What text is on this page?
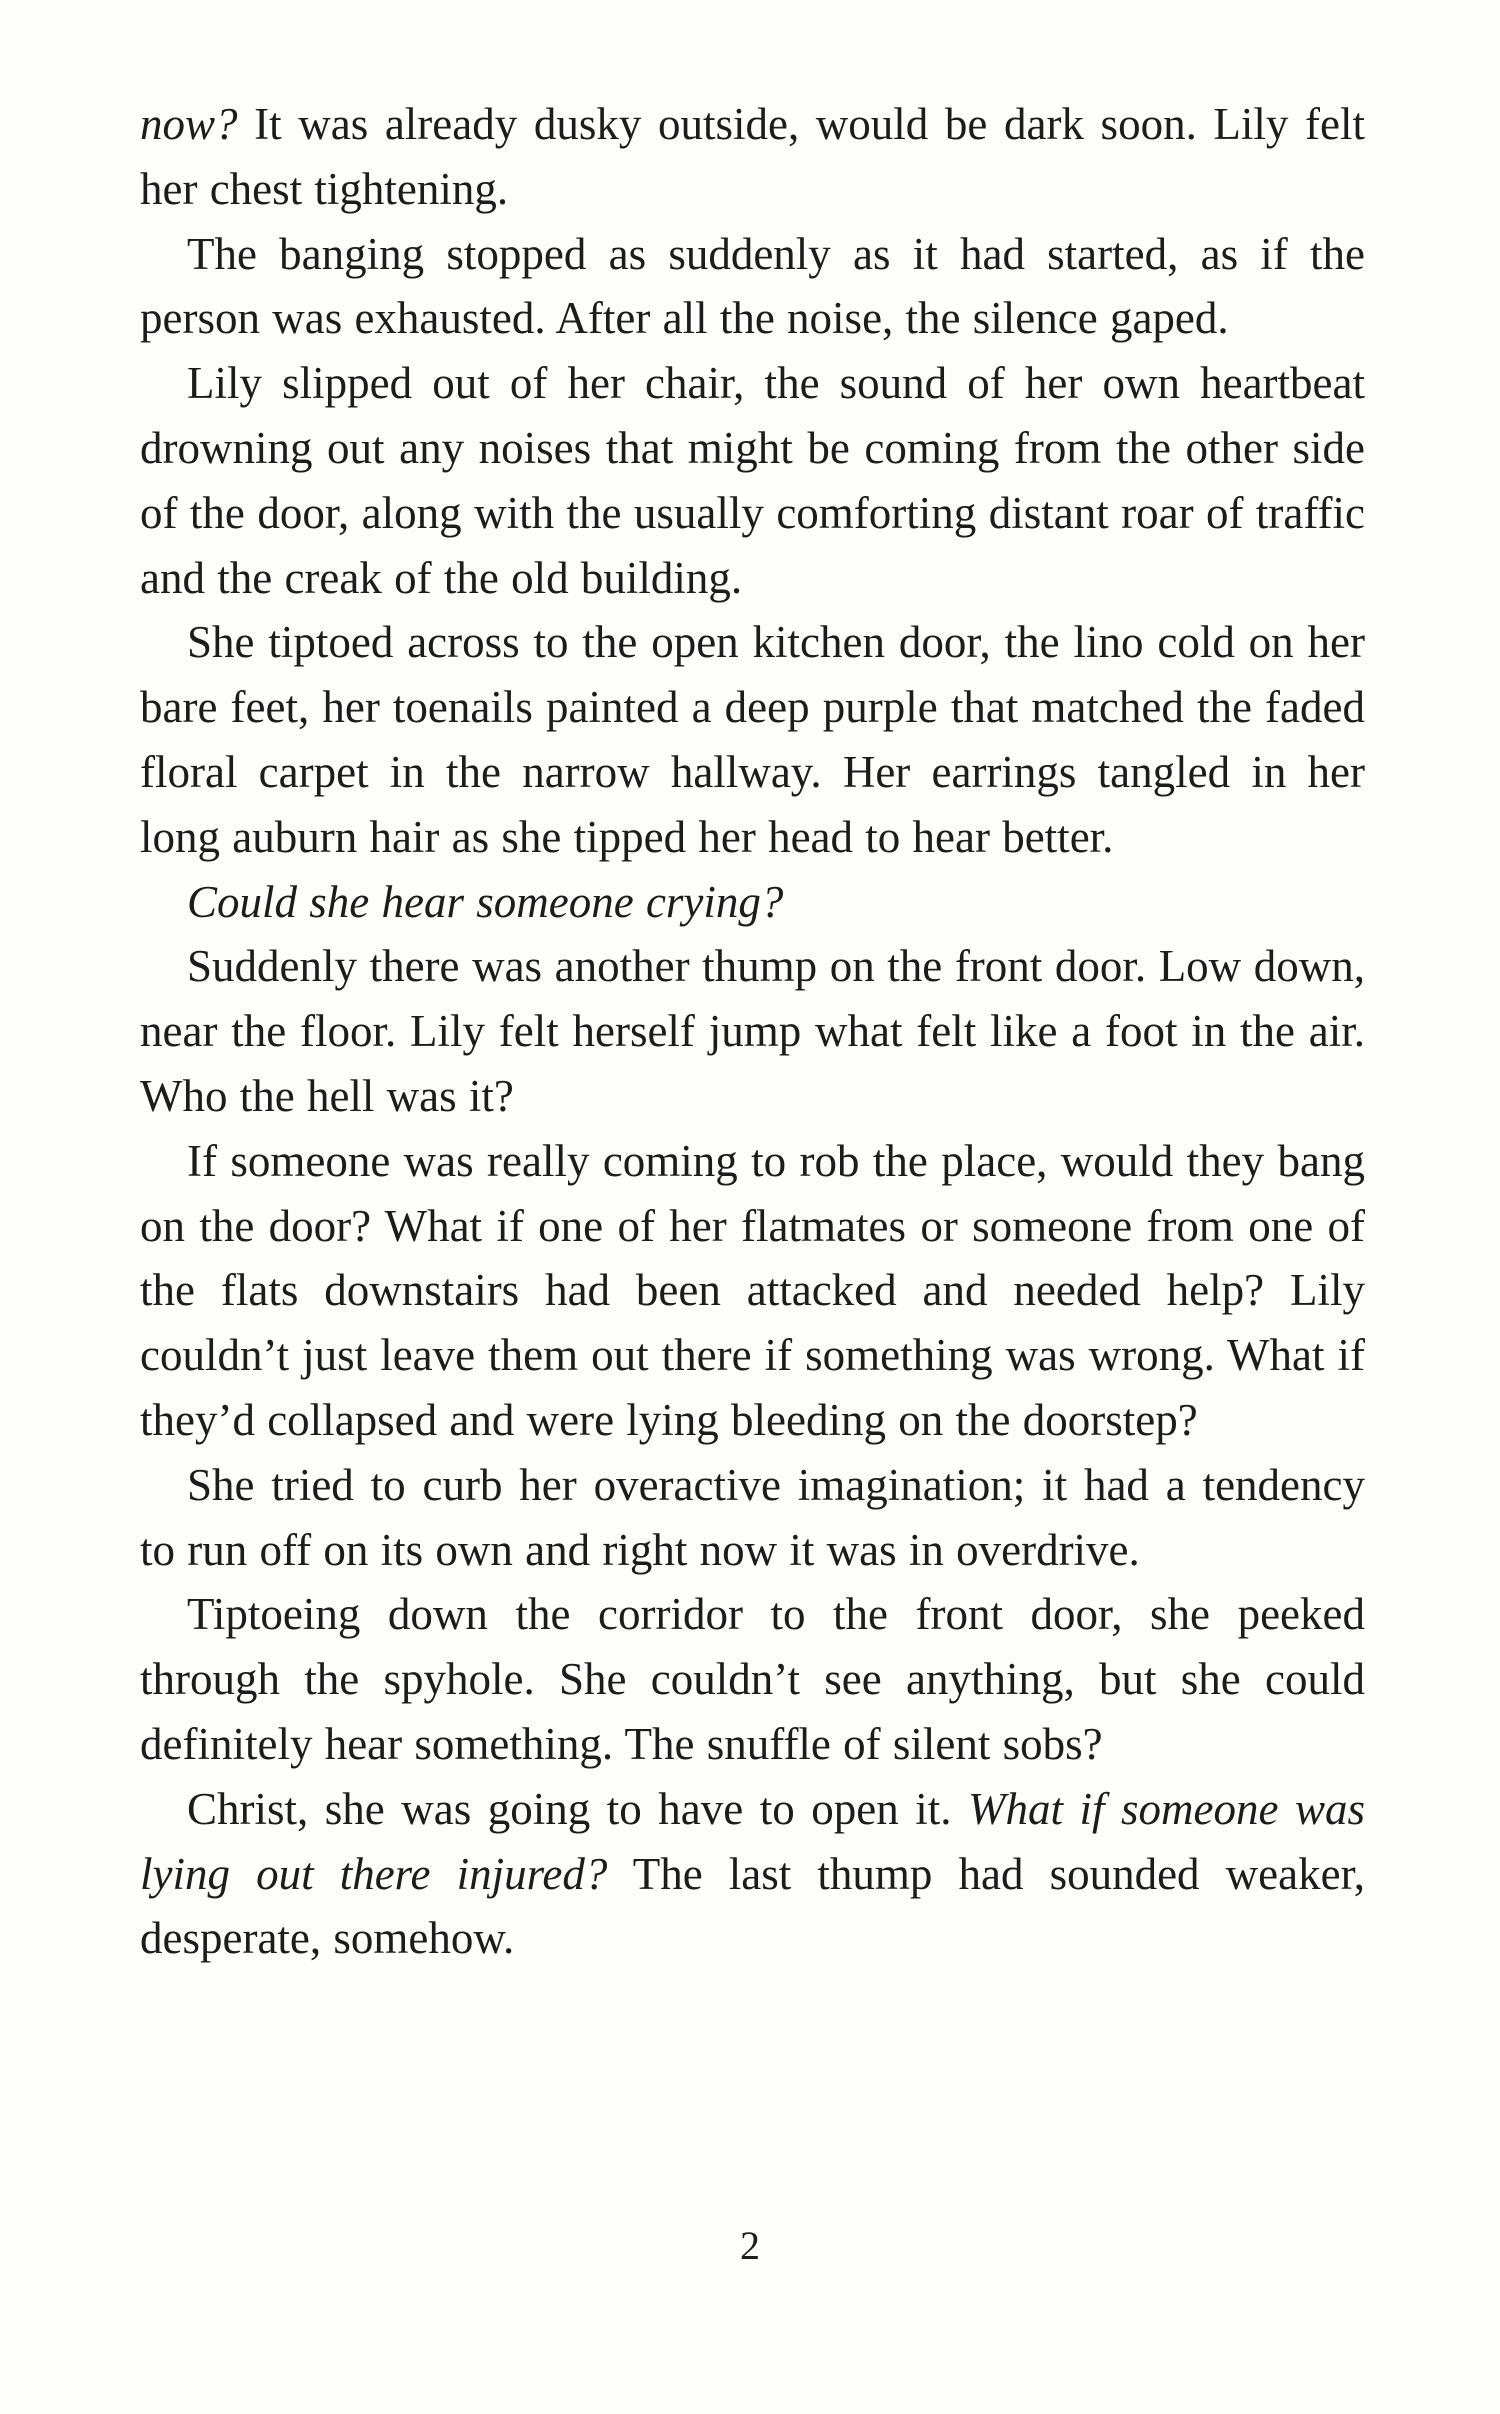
now? It was already dusky outside, would be dark soon. Lily felt her chest tightening.

The banging stopped as suddenly as it had started, as if the person was exhausted. After all the noise, the silence gaped.

Lily slipped out of her chair, the sound of her own heartbeat drowning out any noises that might be coming from the other side of the door, along with the usually comforting distant roar of traffic and the creak of the old building.

She tiptoed across to the open kitchen door, the lino cold on her bare feet, her toenails painted a deep purple that matched the faded floral carpet in the narrow hallway. Her earrings tangled in her long auburn hair as she tipped her head to hear better.

Could she hear someone crying?

Suddenly there was another thump on the front door. Low down, near the floor. Lily felt herself jump what felt like a foot in the air. Who the hell was it?

If someone was really coming to rob the place, would they bang on the door? What if one of her flatmates or someone from one of the flats downstairs had been attacked and needed help? Lily couldn’t just leave them out there if something was wrong. What if they’d collapsed and were lying bleeding on the doorstep?

She tried to curb her overactive imagination; it had a tendency to run off on its own and right now it was in overdrive.

Tiptoeing down the corridor to the front door, she peeked through the spyhole. She couldn’t see anything, but she could definitely hear something. The snuffle of silent sobs?

Christ, she was going to have to open it. What if someone was lying out there injured? The last thump had sounded weaker, desperate, somehow.

2
